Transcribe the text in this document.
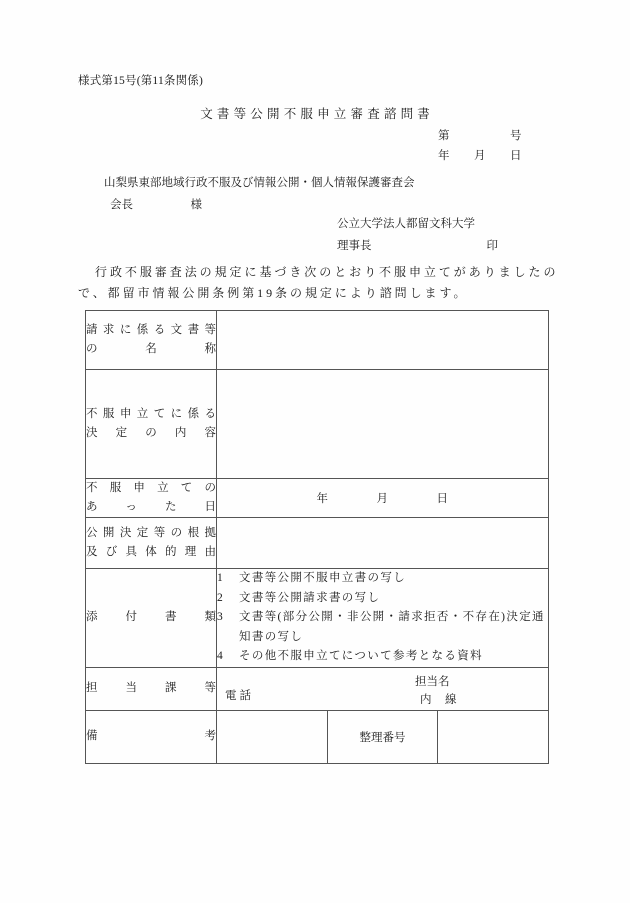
様式第15号(第11条関係)
文書等公開不服申立審査諮問書
第　　　　　号
年　　月　　日
山梨県東部地域行政不服及び情報公開・個人情報保護審査会
会長　　　　　様
公立大学法人都留文科大学
理事長　　　　　　　　　　印
行政不服審査法の規定に基づき次のとおり不服申立てがありましたの
で、都留市情報公開条例第19条の規定により諮問します。
請求に係る文書等
の名称			

不服申立てに係る
決定の内容			

不服申立ての
あった日	年　　　　月　　　　日		

公開決定等の根拠
及び具体的理由			

添付書類

1 文書等公開不服申立書の写し
2 文書等公開請求書の写し
3 文書等(部分公開・非公開・請求拒否・不存在)決定通知書の写し
4 その他不服申立てについて参考となる資料

担当課等	電話
担当名
内　線		

備考		整理番号	
